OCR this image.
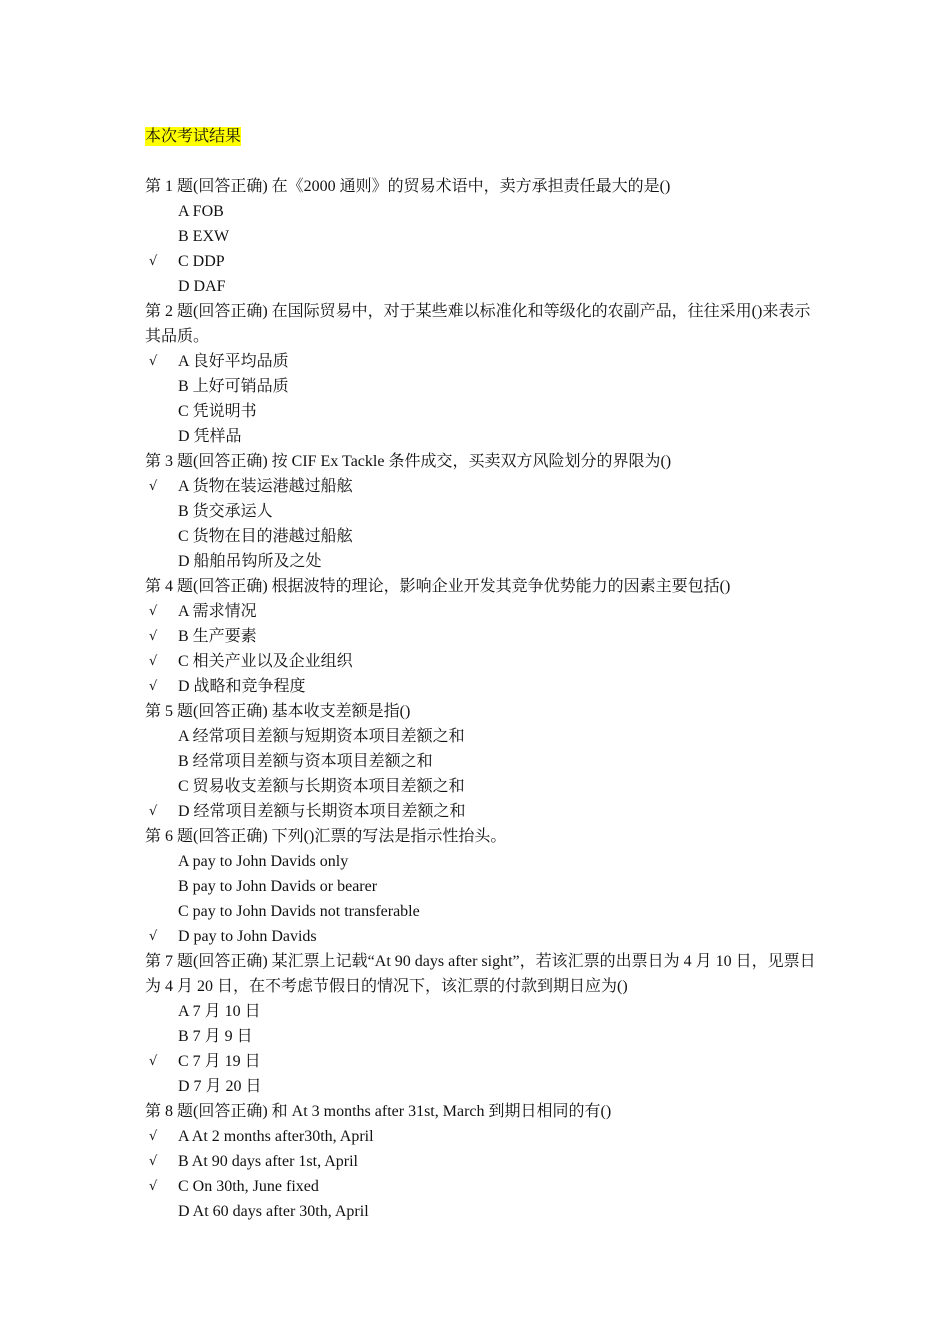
本次考试结果
第 1 题(回答正确) 在《2000 通则》的贸易术语中，卖方承担责任最大的是()
A FOB
B EXW
√	C DDP
D DAF
第 2 题(回答正确) 在国际贸易中，对于某些难以标准化和等级化的农副产品，往往采用()来表示其品质。
√	A 良好平均品质
B 上好可销品质
C 凭说明书
D 凭样品
第 3 题(回答正确) 按 CIF Ex Tackle 条件成交，买卖双方风险划分的界限为()
√	A 货物在装运港越过船舷
B 货交承运人
C 货物在目的港越过船舷
D 船舶吊钩所及之处
第 4 题(回答正确) 根据波特的理论，影响企业开发其竞争优势能力的因素主要包括()
√	A 需求情况
√	B 生产要素
√	C 相关产业以及企业组织
√	D 战略和竞争程度
第 5 题(回答正确) 基本收支差额是指()
A 经常项目差额与短期资本项目差额之和
B 经常项目差额与资本项目差额之和
C 贸易收支差额与长期资本项目差额之和
√	D 经常项目差额与长期资本项目差额之和
第 6 题(回答正确) 下列()汇票的写法是指示性抬头。
A pay to John Davids only
B pay to John Davids or bearer
C pay to John Davids not transferable
√	D pay to John Davids
第 7 题(回答正确) 某汇票上记载“At 90 days after sight”，若该汇票的出票日为 4 月 10 日，见票日为 4 月 20 日，在不考虑节假日的情况下，该汇票的付款到期日应为()
A 7 月 10 日
B 7 月 9 日
√	C 7 月 19 日
D 7 月 20 日
第 8 题(回答正确) 和 At 3 months after 31st, March 到期日相同的有()
√	A At 2 months after30th, April
√	B At 90 days after 1st, April
√	C On 30th, June fixed
D At 60 days after 30th, April
